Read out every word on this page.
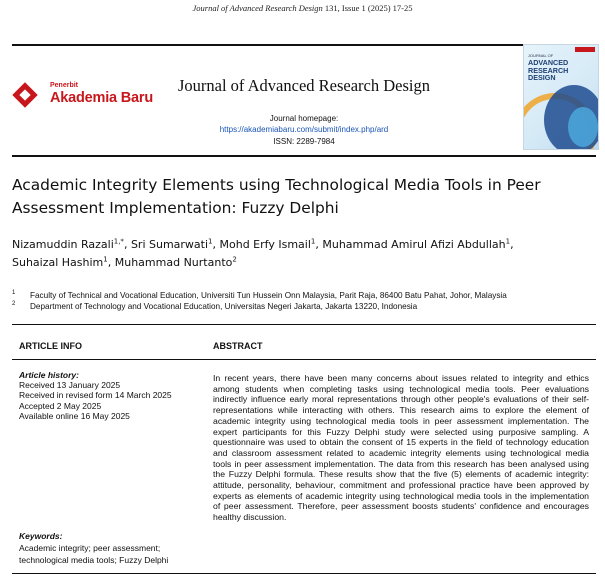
Journal of Advanced Research Design 131, Issue 1 (2025) 17-25
Penerbit
Akademia Baru
Journal of Advanced Research Design
Journal homepage:
https://akademiabaru.com/submit/index.php/ard
ISSN: 2289-7984
JOURNAL OF
ADVANCED
RESEARCH
DESIGN
Academic Integrity Elements using Technological Media Tools in Peer
Assessment Implementation: Fuzzy Delphi
Nizamuddin Razali$^{1,*}$, Sri Sumarwati$^1$, Mohd Erfy Ismail$^1$, Muhammad Amirul Afizi Abdullah$^1$,
Suhaizal Hashim$^1$, Muhammad Nurtanto$^2$
1 Faculty of Technical and Vocational Education, Universiti Tun Hussein Onn Malaysia, Parit Raja, 86400 Batu Pahat, Johor, Malaysia
2 Department of Technology and Vocational Education, Universitas Negeri Jakarta, Jakarta 13220, Indonesia
ARTICLE INFO	ABSTRACT
Article history:
Received 13 January 2025
Received in revised form 14 March 2025
Accepted 2 May 2025
Available online 16 May 2025
Keywords:
Academic integrity; peer assessment;
technological media tools; Fuzzy Delphi
In recent years, there have been many concerns about issues related to integrity and ethics among students when completing tasks using technological media tools. Peer evaluations indirectly influence early moral representations through other people's evaluations of their self-representations while interacting with others. This research aims to explore the element of academic integrity using technological media tools in peer assessment implementation. The expert participants for this Fuzzy Delphi study were selected using purposive sampling. A questionnaire was used to obtain the consent of 15 experts in the field of technology education and classroom assessment related to academic integrity elements using technological media tools in peer assessment implementation. The data from this research has been analysed using the Fuzzy Delphi formula. These results show that the five (5) elements of academic integrity: attitude, personality, behaviour, commitment and professional practice have been approved by experts as elements of academic integrity using technological media tools in the implementation of peer assessment. Therefore, peer assessment boosts students' confidence and encourages healthy discussion.
